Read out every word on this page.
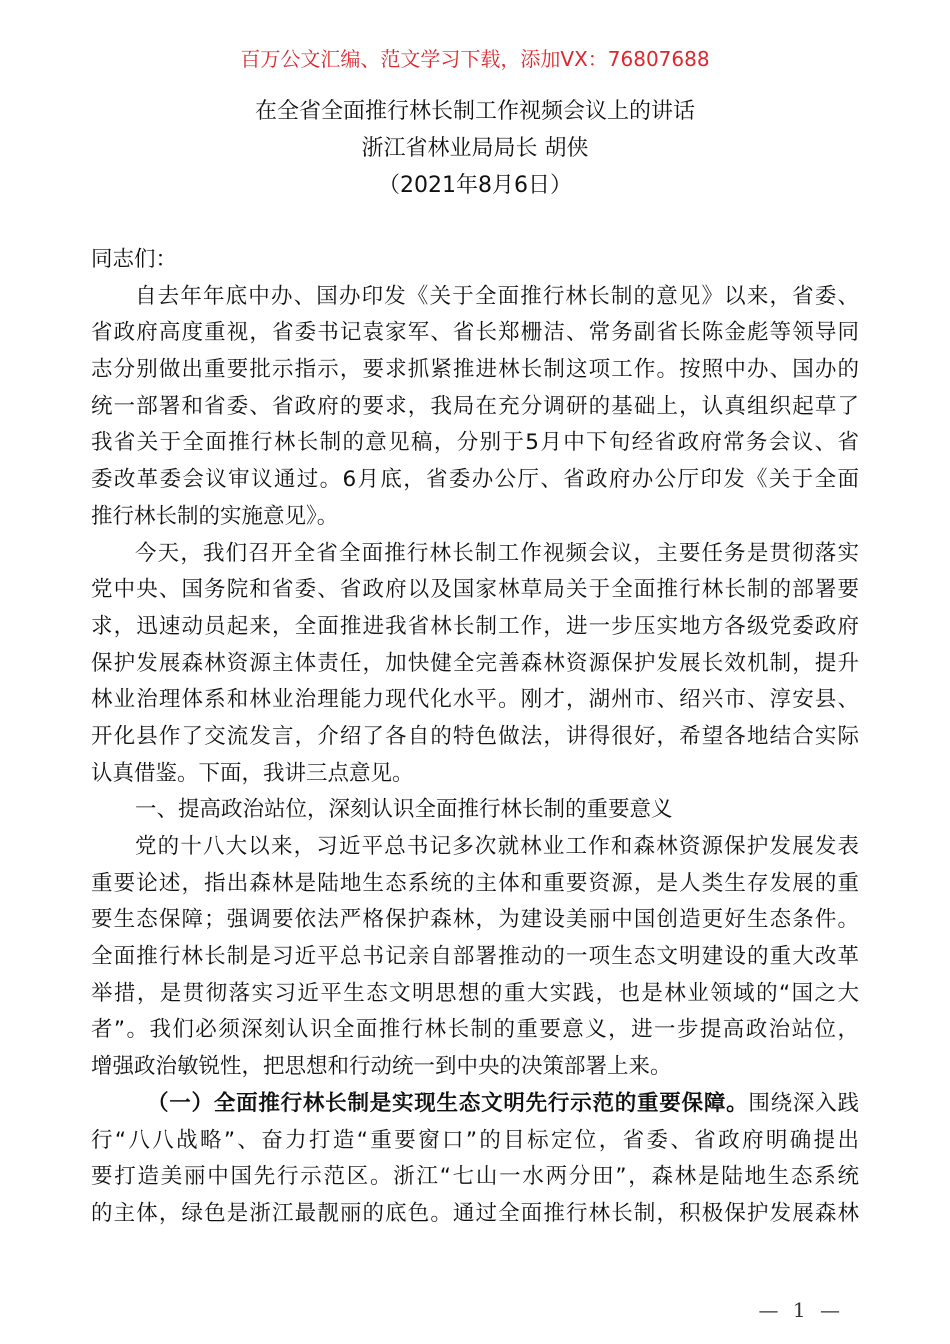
百万公文汇编、范文学习下载，添加VX：76807688
在全省全面推行林长制工作视频会议上的讲话
浙江省林业局局长 胡侠
（2021年8月6日）
同志们：
自去年年底中办、国办印发《关于全面推行林长制的意见》以来，省委、
省政府高度重视，省委书记袁家军、省长郑栅洁、常务副省长陈金彪等领导同
志分别做出重要批示指示，要求抓紧推进林长制这项工作。按照中办、国办的
统一部署和省委、省政府的要求，我局在充分调研的基础上，认真组织起草了
我省关于全面推行林长制的意见稿，分别于5月中下旬经省政府常务会议、省
委改革委会议审议通过。6月底，省委办公厅、省政府办公厅印发《关于全面
推行林长制的实施意见》。
今天，我们召开全省全面推行林长制工作视频会议，主要任务是贯彻落实
党中央、国务院和省委、省政府以及国家林草局关于全面推行林长制的部署要
求，迅速动员起来，全面推进我省林长制工作，进一步压实地方各级党委政府
保护发展森林资源主体责任，加快健全完善森林资源保护发展长效机制，提升
林业治理体系和林业治理能力现代化水平。刚才，湖州市、绍兴市、淳安县、
开化县作了交流发言，介绍了各自的特色做法，讲得很好，希望各地结合实际
认真借鉴。下面，我讲三点意见。
一、提高政治站位，深刻认识全面推行林长制的重要意义
党的十八大以来，习近平总书记多次就林业工作和森林资源保护发展发表
重要论述，指出森林是陆地生态系统的主体和重要资源，是人类生存发展的重
要生态保障；强调要依法严格保护森林，为建设美丽中国创造更好生态条件。
全面推行林长制是习近平总书记亲自部署推动的一项生态文明建设的重大改革
举措，是贯彻落实习近平生态文明思想的重大实践，也是林业领域的“国之大
者”。我们必须深刻认识全面推行林长制的重要意义，进一步提高政治站位，
增强政治敏锐性，把思想和行动统一到中央的决策部署上来。
（一）全面推行林长制是实现生态文明先行示范的重要保障。围绕深入践
行“八八战略”、奋力打造“重要窗口”的目标定位，省委、省政府明确提出
要打造美丽中国先行示范区。浙江“七山一水两分田”，森林是陆地生态系统
的主体，绿色是浙江最靓丽的底色。通过全面推行林长制，积极保护发展森林
— 1 —
